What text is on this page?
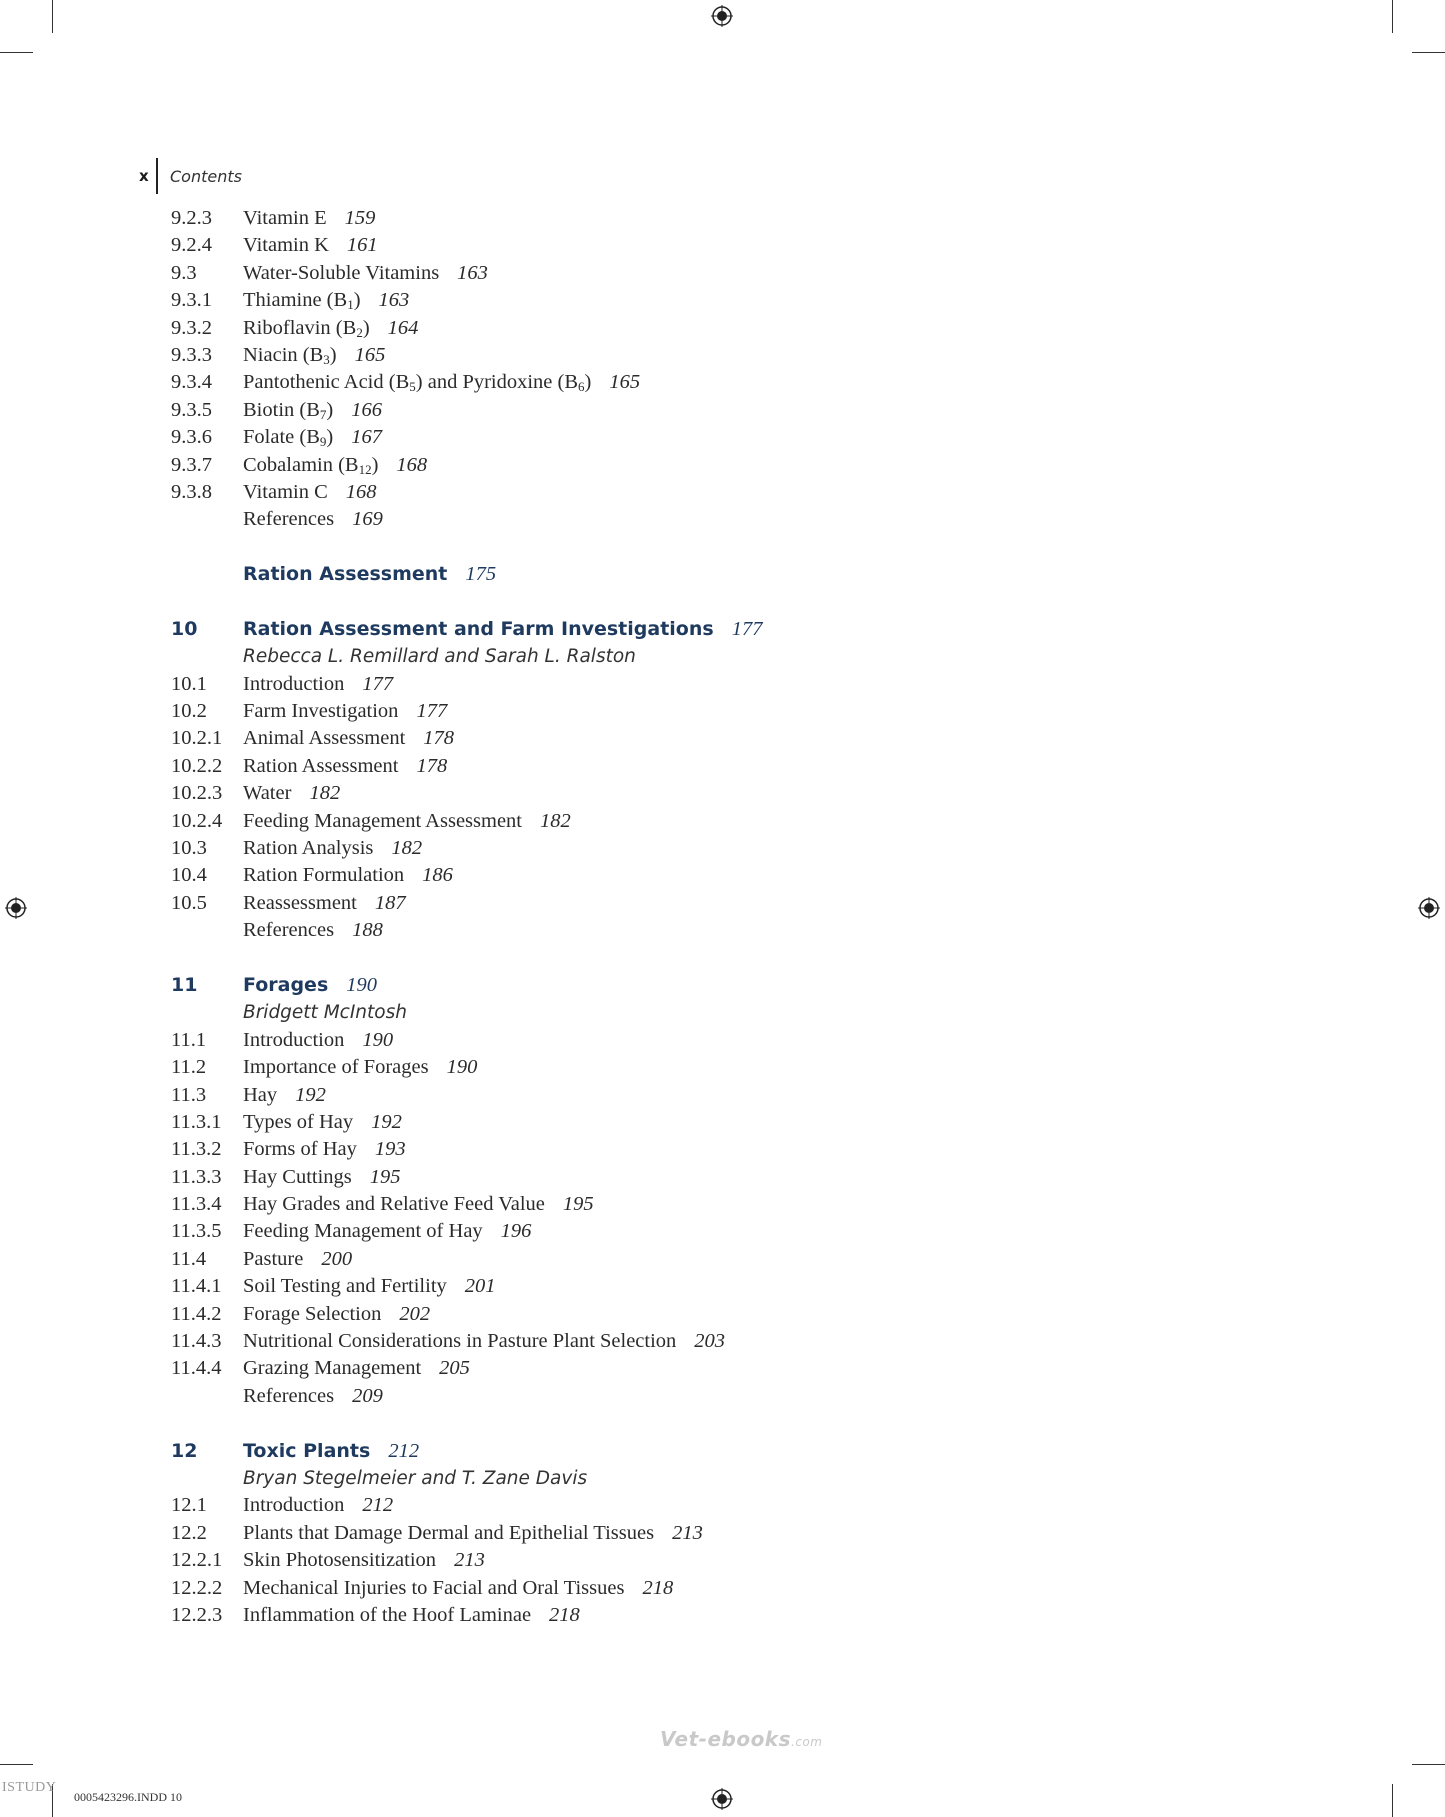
x Contents
9.2.3	Vitamin E 159
9.2.4	Vitamin K 161
9.3	Water-Soluble Vitamins 163
9.3.1	Thiamine $(B_1)$ 163
9.3.2	Riboflavin $(B_2)$ 164
9.3.3	Niacin $(B_3)$ 165
9.3.4	Pantothenic Acid $(B_5)$ and Pyridoxine $(B_6)$ 165
9.3.5	Biotin $(B_7)$ 166
9.3.6	Folate $(B_9)$ 167
9.3.7	Cobalamin $(B_{12})$ 168
9.3.8	Vitamin C 168
References 169
Ration Assessment 175
10	Ration Assessment and Farm Investigations 177
Rebecca L. Remillard and Sarah L. Ralston
10.1	Introduction 177
10.2	Farm Investigation 177
10.2.1	Animal Assessment 178
10.2.2	Ration Assessment 178
10.2.3	Water 182
10.2.4	Feeding Management Assessment 182
10.3	Ration Analysis 182
10.4	Ration Formulation 186
10.5	Reassessment 187
References 188
11	Forages 190
Bridgett McIntosh
11.1	Introduction 190
11.2	Importance of Forages 190
11.3	Hay 192
11.3.1	Types of Hay 192
11.3.2	Forms of Hay 193
11.3.3	Hay Cuttings 195
11.3.4	Hay Grades and Relative Feed Value 195
11.3.5	Feeding Management of Hay 196
11.4	Pasture 200
11.4.1	Soil Testing and Fertility 201
11.4.2	Forage Selection 202
11.4.3	Nutritional Considerations in Pasture Plant Selection 203
11.4.4	Grazing Management 205
References 209
12	Toxic Plants 212
Bryan Stegelmeier and T. Zane Davis
12.1	Introduction 212
12.2	Plants that Damage Dermal and Epithelial Tissues 213
12.2.1	Skin Photosensitization 213
12.2.2	Mechanical Injuries to Facial and Oral Tissues 218
12.2.3	Inflammation of the Hoof Laminae 218
Vet-ebooks.com
0005423296.INDD 10
ISTUDY
